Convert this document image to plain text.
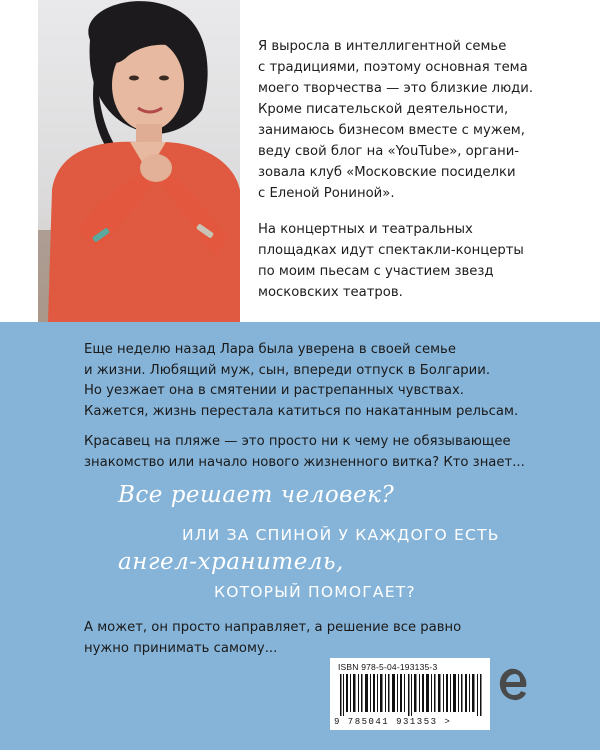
Я выросла в интеллигентной семье
с традициями, поэтому основная тема
моего творчества — это близкие люди.
Кроме писательской деятельности,
занимаюсь бизнесом вместе с мужем,
веду свой блог на «YouTube», органи-
зовала клуб «Московские посиделки
с Еленой Рониной».

На концертных и театральных
площадках идут спектакли-концерты
по моим пьесам с участием звезд
московских театров.

Еще неделю назад Лара была уверена в своей семье
и жизни. Любящий муж, сын, впереди отпуск в Болгарии.
Но уезжает она в смятении и растрепанных чувствах.
Кажется, жизнь перестала катиться по накатанным рельсам.

Красавец на пляже — это просто ни к чему не обязывающее
знакомство или начало нового жизненного витка? Кто знает...

Все решает человек?
ИЛИ ЗА СПИНОЙ У КАЖДОГО ЕСТЬ
ангел-хранитель,
КОТОРЫЙ ПОМОГАЕТ?

А может, он просто направляет, а решение все равно
нужно принимать самому...

ISBN 978-5-04-193135-3
9 785041 931353 >
